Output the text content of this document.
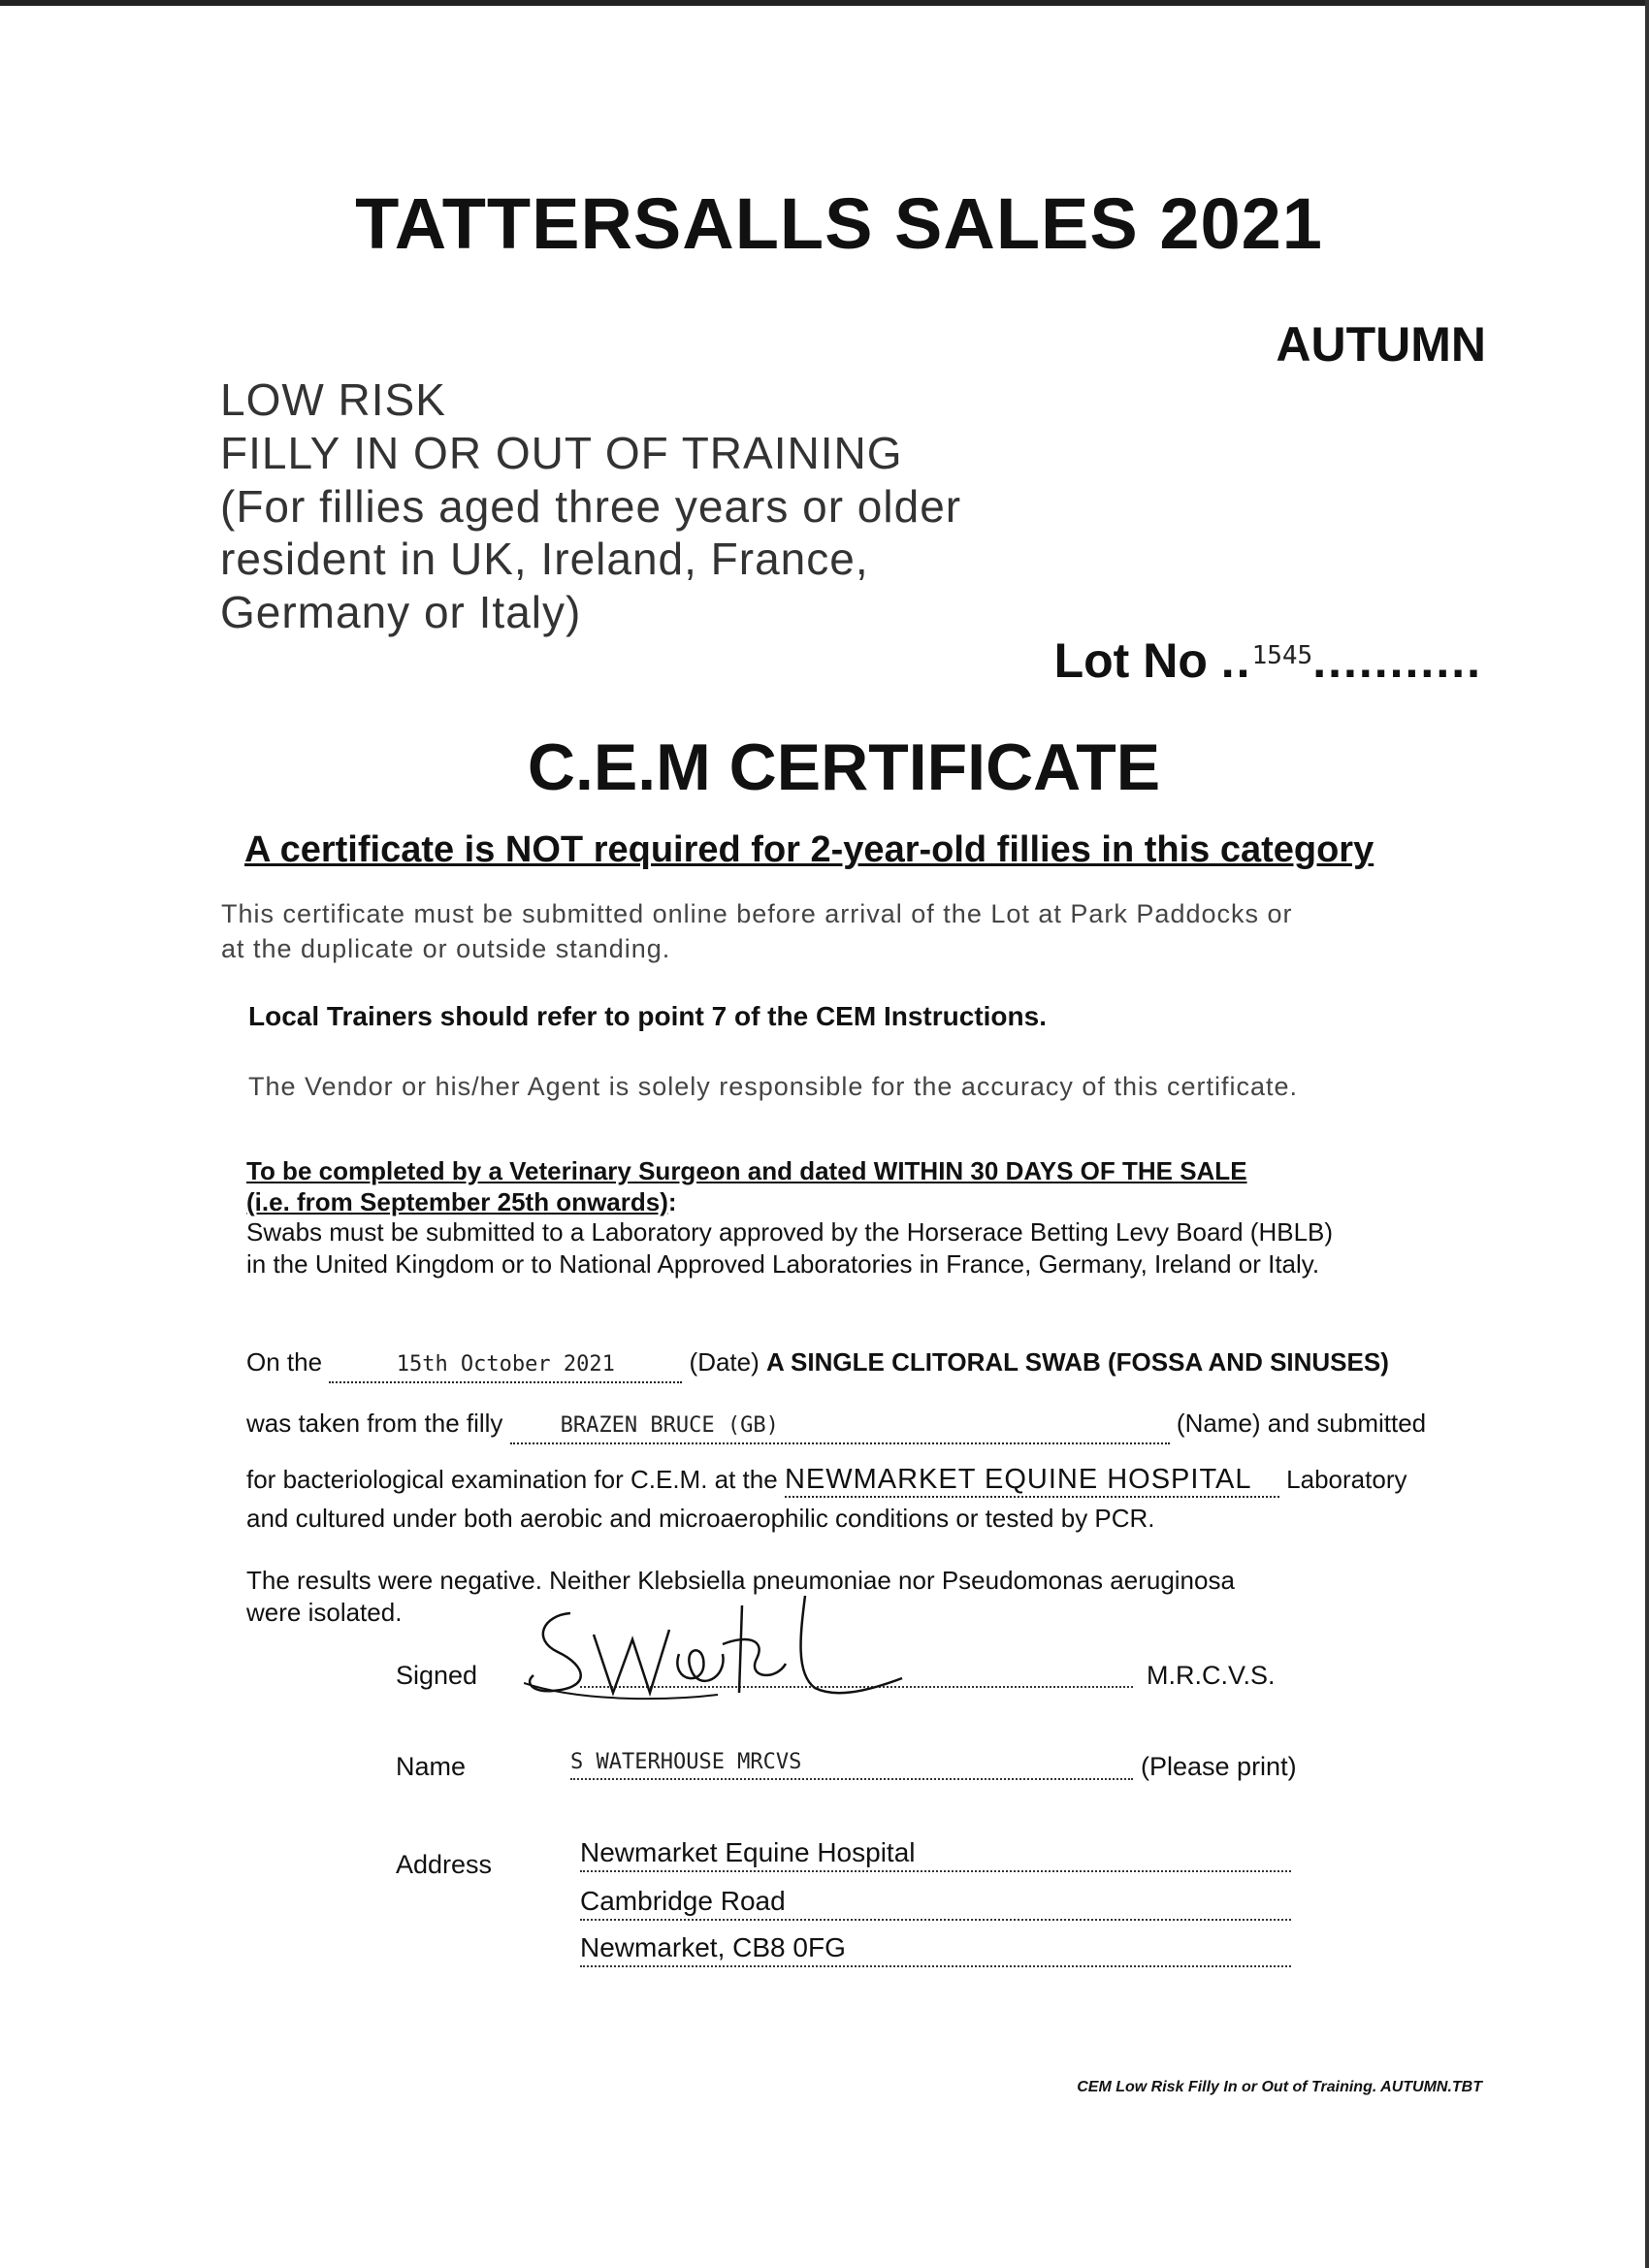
TATTERSALLS SALES 2021
AUTUMN
LOW RISK
FILLY IN OR OUT OF TRAINING
(For fillies aged three years or older
resident in UK, Ireland, France,
Germany or Italy)
Lot No ..$^{1545}$...........
C.E.M CERTIFICATE
A certificate is NOT required for 2-year-old fillies in this category
This certificate must be submitted online before arrival of the Lot at Park Paddocks or
at the duplicate or outside standing.
Local Trainers should refer to point 7 of the CEM Instructions.
The Vendor or his/her Agent is solely responsible for the accuracy of this certificate.
To be completed by a Veterinary Surgeon and dated WITHIN 30 DAYS OF THE SALE
(i.e. from September 25th onwards):
Swabs must be submitted to a Laboratory approved by the Horserace Betting Levy Board (HBLB)
in the United Kingdom or to National Approved Laboratories in France, Germany, Ireland or Italy.
On the	15th October 2021	(Date) A SINGLE CLITORAL SWAB (FOSSA AND SINUSES)
was taken from the filly	BRAZEN BRUCE (GB)	(Name) and submitted
for bacteriological examination for C.E.M. at the NEWMARKET EQUINE HOSPITAL Laboratory
and cultured under both aerobic and microaerophilic conditions or tested by PCR.
The results were negative. Neither Klebsiella pneumoniae nor Pseudomonas aeruginosa
were isolated.
Signed	M.R.C.V.S.
Name	S WATERHOUSE MRCVS	(Please print)
Address	Newmarket Equine Hospital
Cambridge Road
Newmarket, CB8 0FG
CEM Low Risk Filly In or Out of Training. AUTUMN.TBT
